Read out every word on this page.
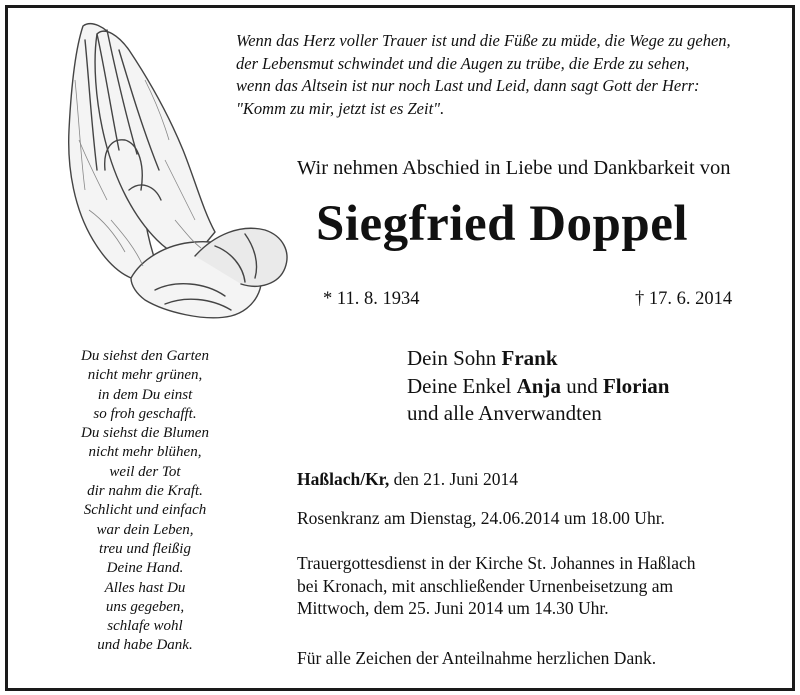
Wenn das Herz voller Trauer ist und die Füße zu müde, die Wege zu gehen,
der Lebensmut schwindet und die Augen zu trübe, die Erde zu sehen,
wenn das Altsein ist nur noch Last und Leid, dann sagt Gott der Herr:
"Komm zu mir, jetzt ist es Zeit".
Wir nehmen Abschied in Liebe und Dankbarkeit von
Siegfried Doppel
* 11. 8. 1934	† 17. 6. 2014
Du siehst den Garten
nicht mehr grünen,
in dem Du einst
so froh geschafft.
Du siehst die Blumen
nicht mehr blühen,
weil der Tot
dir nahm die Kraft.
Schlicht und einfach
war dein Leben,
treu und fleißig
Deine Hand.
Alles hast Du
uns gegeben,
schlafe wohl
und habe Dank.
Dein Sohn Frank
Deine Enkel Anja und Florian
und alle Anverwandten
Haßlach/Kr, den 21. Juni 2014
Rosenkranz am Dienstag, 24.06.2014 um 18.00 Uhr.
Trauergottesdienst in der Kirche St. Johannes in Haßlach
bei Kronach, mit anschließender Urnenbeisetzung am
Mittwoch, dem 25. Juni 2014 um 14.30 Uhr.
Für alle Zeichen der Anteilnahme herzlichen Dank.
